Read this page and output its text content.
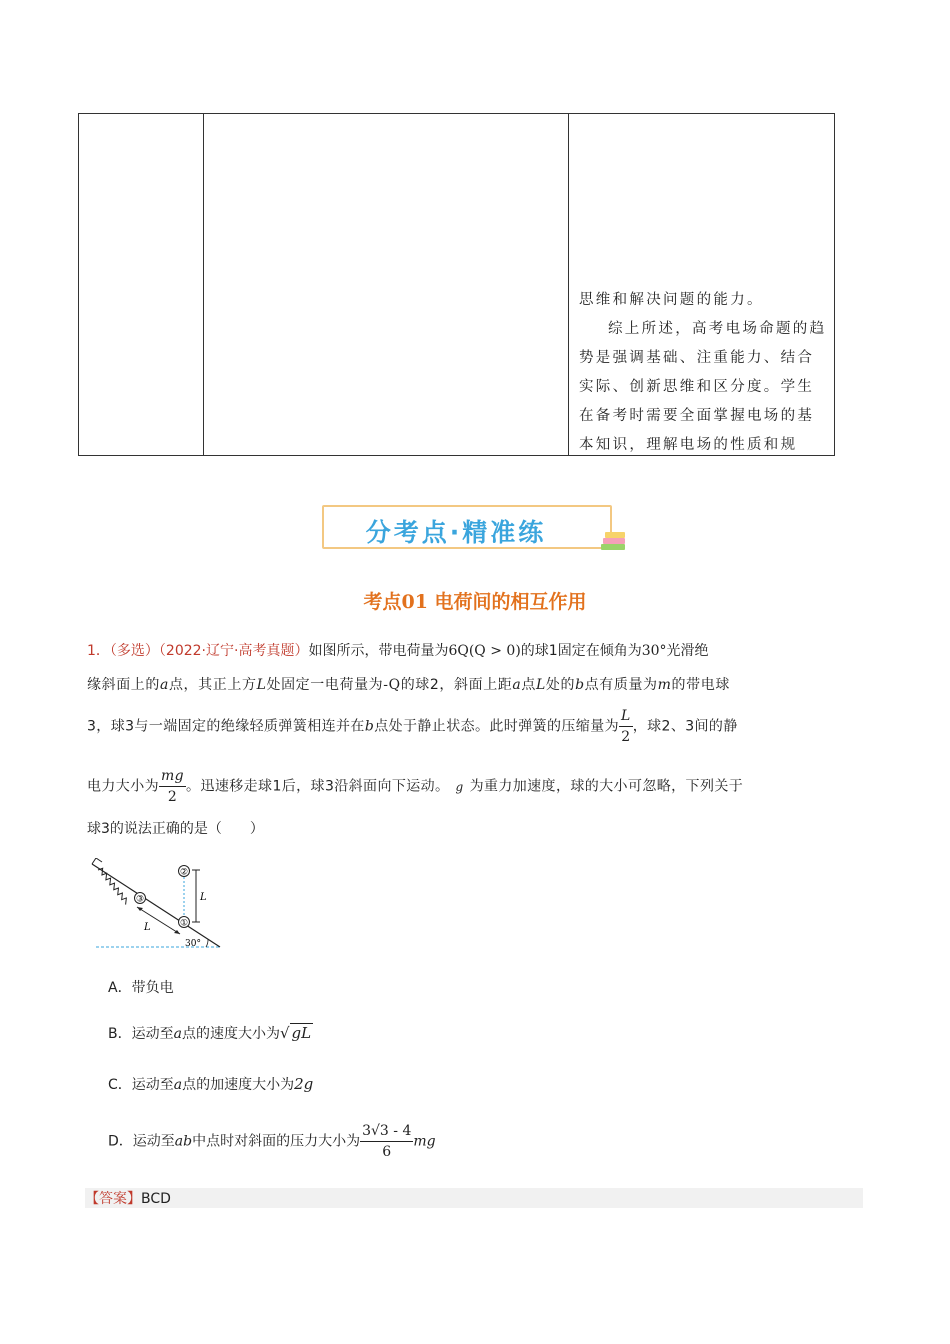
思维和解决问题的能力。

综上所述，高考电场命题的趋势是强调基础、注重能力、结合实际、创新思维和区分度。学生在备考时需要全面掌握电场的基本知识，理解电场的性质和规

分考点·精准练
考点01 电荷间的相互作用
1．（多选）（2022·辽宁·高考真题）如图所示，带电荷量为6Q(Q > 0)的球1固定在倾角为30°光滑绝
缘斜面上的a点，其正上方L处固定一电荷量为-Q的球2，斜面上距a点L处的b点有质量为m的带电球
3，球3与一端固定的绝缘轻质弹簧相连并在b点处于静止状态。此时弹簧的压缩量为 $\frac{L}{2}$ ，球2、3间的静
电力大小为 $\frac{mg}{2}$ 。迅速移走球1后，球3沿斜面向下运动。 g 为重力加速度，球的大小可忽略，下列关于
球3的说法正确的是（　　）
③
①
②
L
L
30°
A．带负电
B．运动至a点的速度大小为√ gL
C．运动至a点的加速度大小为2g
D．运动至ab中点时对斜面的压力大小为 $\frac{3√3 - 4}{6}$ mg
【答案】BCD
